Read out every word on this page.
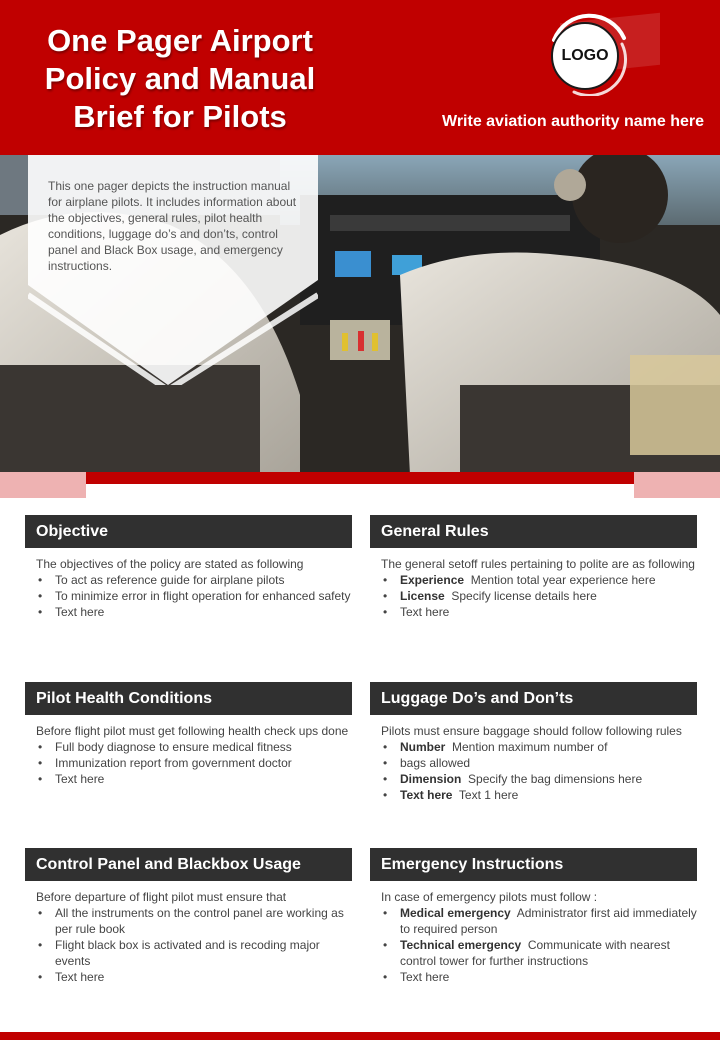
One Pager Airport
Policy and Manual
Brief for Pilots
LOGO
Write aviation authority name here

This one pager depicts the instruction manual for airplane pilots. It includes information about the objectives, general rules, pilot health conditions, luggage do’s and don’ts, control panel and Black Box usage, and emergency instructions.

Objective

The objectives of the policy are stated as following

• To act as reference guide for airplane pilots
• To minimize error in flight operation for enhanced safety
• Text here
General Rules

The general setoff rules pertaining to polite are as following

• Experience Mention total year experience here
• License Specify license details here
• Text here
Pilot Health Conditions

Before flight pilot must get following health check ups done

• Full body diagnose to ensure medical fitness
• Immunization report from government doctor
• Text here
Luggage Do’s and Don’ts

Pilots must ensure baggage should follow following rules

• Number Mention maximum number of
• bags allowed
• Dimension Specify the bag dimensions here
• Text here Text 1 here
Control Panel and Blackbox Usage

Before departure of flight pilot must ensure that

• All the instruments on the control panel are working as per rule book
• Flight black box is activated and is recoding major events
• Text here
Emergency Instructions

In case of emergency pilots must follow :

• Medical emergency Administrator first aid immediately to required person
• Technical emergency Communicate with nearest control tower for further instructions
• Text here
